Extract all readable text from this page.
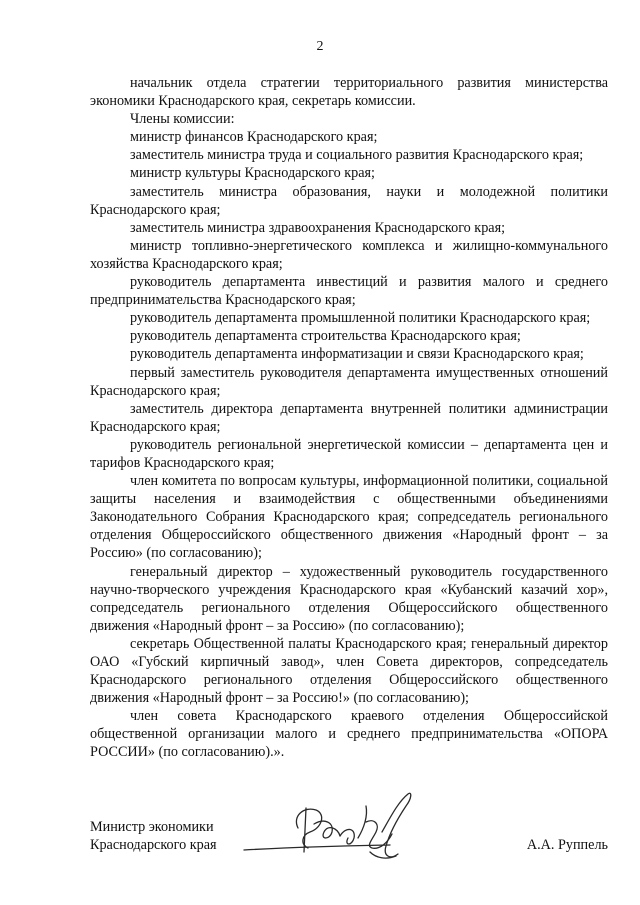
2

начальник отдела стратегии территориального развития министерства экономики Краснодарского края, секретарь комиссии.

Члены комиссии:

министр финансов Краснодарского края;

заместитель министра труда и социального развития Краснодарского края;

министр культуры Краснодарского края;

заместитель министра образования, науки и молодежной политики Краснодарского края;

заместитель министра здравоохранения Краснодарского края;

министр топливно-энергетического комплекса и жилищно-коммунального хозяйства Краснодарского края;

руководитель департамента инвестиций и развития малого и среднего предпринимательства Краснодарского края;

руководитель департамента промышленной политики Краснодарского края;

руководитель департамента строительства Краснодарского края;

руководитель департамента информатизации и связи Краснодарского края;

первый заместитель руководителя департамента имущественных отношений Краснодарского края;

заместитель директора департамента внутренней политики администрации Краснодарского края;

руководитель региональной энергетической комиссии – департамента цен и тарифов Краснодарского края;

член комитета по вопросам культуры, информационной политики, социальной защиты населения и взаимодействия с общественными объединениями Законодательного Собрания Краснодарского края; сопредседатель регионального отделения Общероссийского общественного движения «Народный фронт – за Россию» (по согласованию);

генеральный директор – художественный руководитель государственного научно-творческого учреждения Краснодарского края «Кубанский казачий хор», сопредседатель регионального отделения Общероссийского общественного движения «Народный фронт – за Россию» (по согласованию);

секретарь Общественной палаты Краснодарского края; генеральный директор ОАО «Губский кирпичный завод», член Совета директоров, сопредседатель Краснодарского регионального отделения Общероссийского общественного движения «Народный фронт – за Россию!» (по согласованию);

член совета Краснодарского краевого отделения Общероссийской общественной организации малого и среднего предпринимательства «ОПОРА РОССИИ» (по согласованию).».

Министр экономики
Краснодарского края	А.А. Руппель
